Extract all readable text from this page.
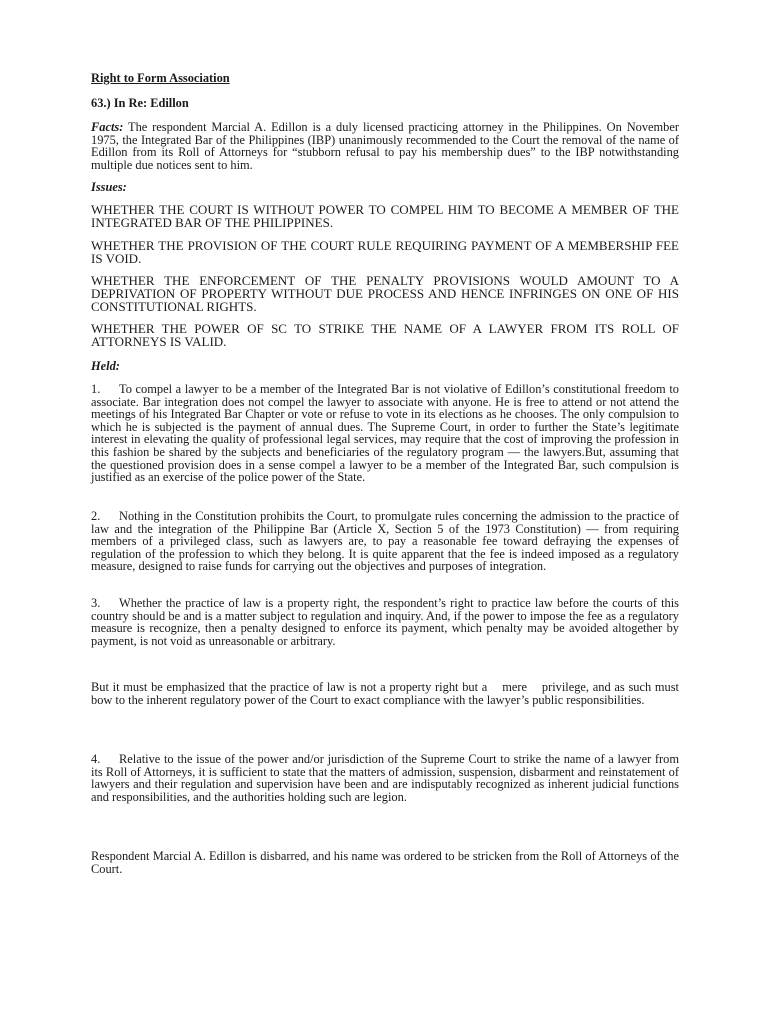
Right to Form Association

63.) In Re: Edillon

Facts: The respondent Marcial A. Edillon is a duly licensed practicing attorney in the Philippines. On November 1975, the Integrated Bar of the Philippines (IBP) unanimously recommended to the Court the removal of the name of Edillon from its Roll of Attorneys for “stubborn refusal to pay his membership dues” to the IBP notwithstanding multiple due notices sent to him.

Issues:

WHETHER THE COURT IS WITHOUT POWER TO COMPEL HIM TO BECOME A MEMBER OF THE INTEGRATED BAR OF THE PHILIPPINES.

WHETHER THE PROVISION OF THE COURT RULE REQUIRING PAYMENT OF A MEMBERSHIP FEE IS VOID.

WHETHER THE ENFORCEMENT OF THE PENALTY PROVISIONS WOULD AMOUNT TO A DEPRIVATION OF PROPERTY WITHOUT DUE PROCESS AND HENCE INFRINGES ON ONE OF HIS CONSTITUTIONAL RIGHTS.

WHETHER THE POWER OF SC TO STRIKE THE NAME OF A LAWYER FROM ITS ROLL OF ATTORNEYS IS VALID.

Held:

1. To compel a lawyer to be a member of the Integrated Bar is not violative of Edillon’s constitutional freedom to associate. Bar integration does not compel the lawyer to associate with anyone. He is free to attend or not attend the meetings of his Integrated Bar Chapter or vote or refuse to vote in its elections as he chooses. The only compulsion to which he is subjected is the payment of annual dues. The Supreme Court, in order to further the State’s legitimate interest in elevating the quality of professional legal services, may require that the cost of improving the profession in this fashion be shared by the subjects and beneficiaries of the regulatory program — the lawyers.But, assuming that the questioned provision does in a sense compel a lawyer to be a member of the Integrated Bar, such compulsion is justified as an exercise of the police power of the State.

2. Nothing in the Constitution prohibits the Court, to promulgate rules concerning the admission to the practice of law and the integration of the Philippine Bar (Article X, Section 5 of the 1973 Constitution) — from requiring members of a privileged class, such as lawyers are, to pay a reasonable fee toward defraying the expenses of regulation of the profession to which they belong. It is quite apparent that the fee is indeed imposed as a regulatory measure, designed to raise funds for carrying out the objectives and purposes of integration.

3. Whether the practice of law is a property right, the respondent’s right to practice law before the courts of this country should be and is a matter subject to regulation and inquiry. And, if the power to impose the fee as a regulatory measure is recognize, then a penalty designed to enforce its payment, which penalty may be avoided altogether by payment, is not void as unreasonable or arbitrary.

But it must be emphasized that the practice of law is not a property right but a    mere    privilege, and as such must bow to the inherent regulatory power of the Court to exact compliance with the lawyer’s public responsibilities.

4. Relative to the issue of the power and/or jurisdiction of the Supreme Court to strike the name of a lawyer from its Roll of Attorneys, it is sufficient to state that the matters of admission, suspension, disbarment and reinstatement of lawyers and their regulation and supervision have been and are indisputably recognized as inherent judicial functions and responsibilities, and the authorities holding such are legion.

Respondent Marcial A. Edillon is disbarred, and his name was ordered to be stricken from the Roll of Attorneys of the Court.
